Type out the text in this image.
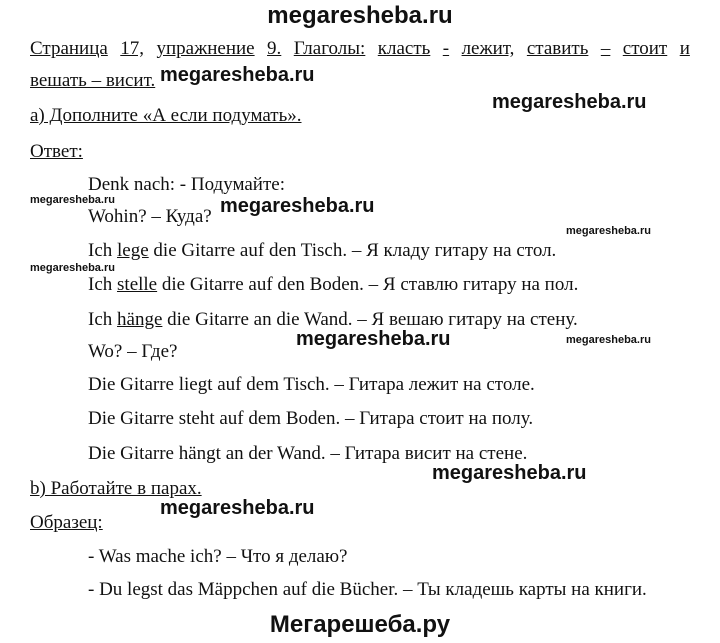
megaresheba.ru
Страница 17, упражнение 9. Глаголы: класть - лежит, ставить – стоит и
вешать – висит. megaresheba.ru
megaresheba.ru
a) Дополните «А если подумать».
Ответ:
Denk nach: - Подумайте:
megaresheba.ru
Wohin? – Куда? megaresheba.ru
megaresheba.ru
Ich lege die Gitarre auf den Tisch. – Я кладу гитару на стол.
megaresheba.ru
Ich stelle die Gitarre auf den Boden. – Я ставлю гитару на пол.
Ich hänge die Gitarre an die Wand. – Я вешаю гитару на стену.
megaresheba.ru	megaresheba.ru
Wo? – Где?
Die Gitarre liegt auf dem Tisch. – Гитара лежит на столе.
Die Gitarre steht auf dem Boden. – Гитара стоит на полу.
Die Gitarre hängt an der Wand. – Гитара висит на стене.
megaresheba.ru
b) Работайте в парах.
megaresheba.ru
Образец:
- Was mache ich? – Что я делаю?
- Du legst das Mäppchen auf die Bücher. – Ты кладешь карты на книги.
Мегарешеба.ру
